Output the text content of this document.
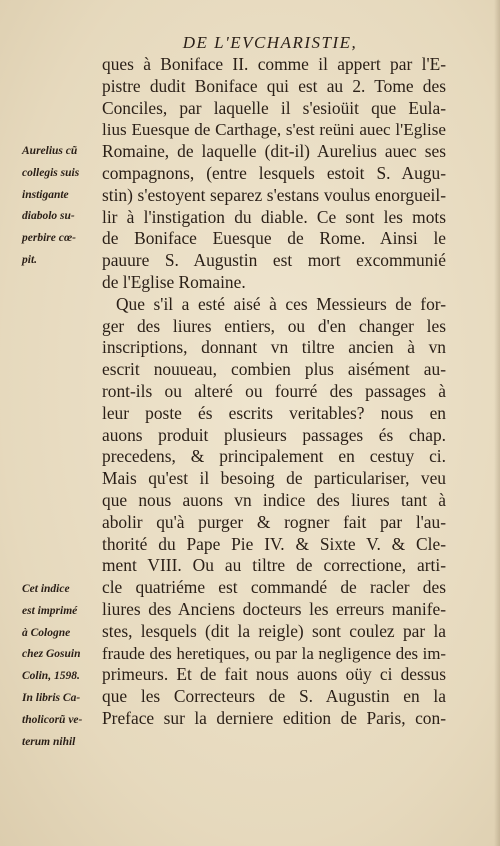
DE L'EVCHARISTIE,
ques à Boniface II. comme il appert par l'E-
pistre dudit Boniface qui est au 2. Tome des
Conciles, par laquelle il s'esioüit que Eula-
lius Euesque de Carthage, s'est reüni auec l'Eglise
Romaine, de laquelle (dit-il) Aurelius auec ses
compagnons, (entre lesquels estoit S. Augu-
stin) s'estoyent separez s'estans voulus enorgueil-
lir à l'instigation du diable. Ce sont les mots
de Boniface Euesque de Rome. Ainsi le
pauure S. Augustin est mort excommunié
de l'Eglise Romaine.
Que s'il a esté aisé à ces Messieurs de for-
ger des liures entiers, ou d'en changer les
inscriptions, donnant vn tiltre ancien à vn
escrit nouueau, combien plus aisément au-
ront-ils ou alteré ou fourré des passages à
leur poste és escrits veritables? nous en
auons produit plusieurs passages és chap.
precedens, & principalement en cestuy ci.
Mais qu'est il besoing de particulariser, veu
que nous auons vn indice des liures tant à
abolir qu'à purger & rogner fait par l'au-
thorité du Pape Pie IV. & Sixte V. & Cle-
ment VIII. Ou au tiltre de correctione, arti-
cle quatriéme est commandé de racler des
liures des Anciens docteurs les erreurs manife-
stes, lesquels (dit la reigle) sont coulez par la
fraude des heretiques, ou par la negligence des im-
primeurs. Et de fait nous auons oüy ci dessus
que les Correcteurs de S. Augustin en la
Preface sur la derniere edition de Paris, con-
Aurelius cũ
collegis suis
instigante
diabolo su-
perbire cœ-
pit.
Cet indice
est imprimé
à Cologne
chez Gosuin
Colin, 1598.
In libris Ca-
tholicorũ ve-
terum nihil
